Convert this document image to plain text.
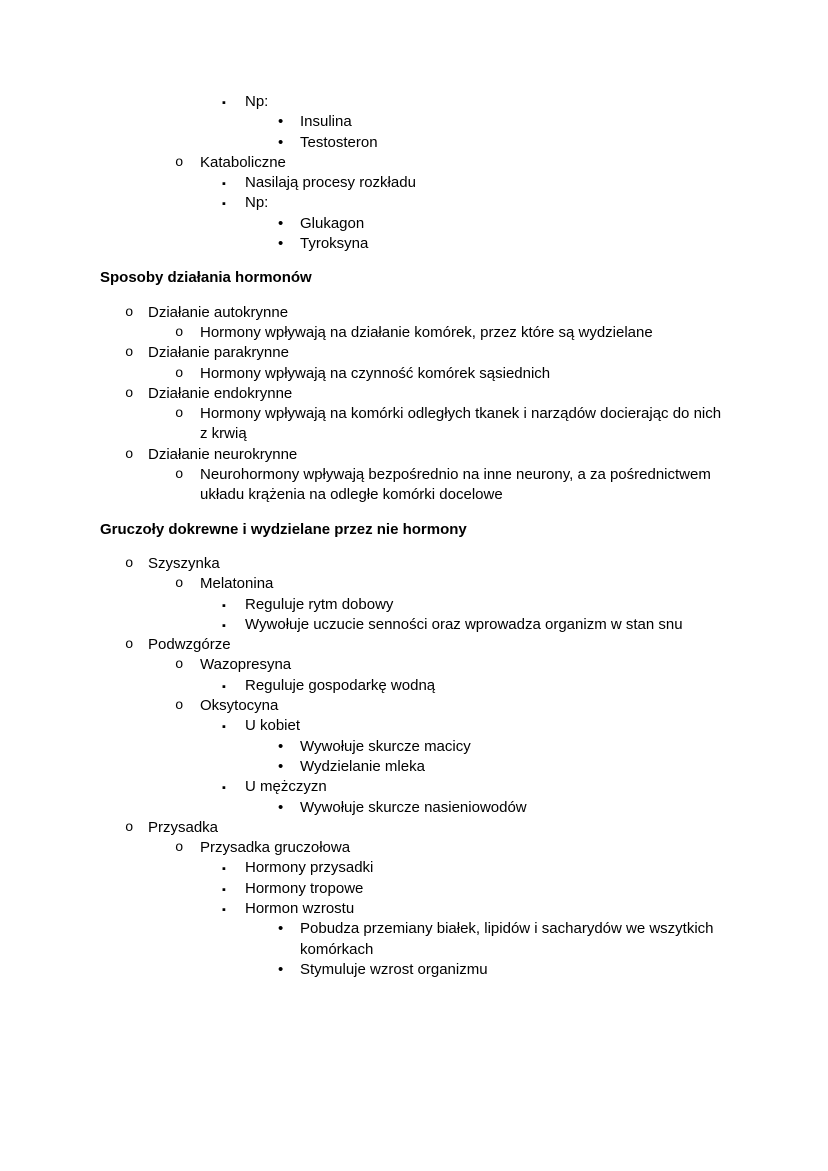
▪ Np:
• Insulina
• Testosteron
o Kataboliczne
▪ Nasilają procesy rozkładu
▪ Np:
• Glukagon
• Tyroksyna
Sposoby działania hormonów
o Działanie autokrynne
o Hormony wpływają na działanie komórek, przez które są wydzielane
o Działanie parakrynne
o Hormony wpływają na czynność komórek sąsiednich
o Działanie endokrynne
o Hormony wpływają na komórki odległych tkanek i narządów docierając do nich z krwią
o Działanie neurokrynne
o Neurohormony wpływają bezpośrednio na inne neurony, a za pośrednictwem układu krążenia na odległe komórki docelowe
Gruczoły dokrewne i wydzielane przez nie hormony
o Szyszynka
o Melatonina
▪ Reguluje rytm dobowy
▪ Wywołuje uczucie senności oraz wprowadza organizm w stan snu
o Podwzgórze
o Wazopresyna
▪ Reguluje gospodarkę wodną
o Oksytocyna
▪ U kobiet
• Wywołuje skurcze macicy
• Wydzielanie mleka
▪ U mężczyzn
• Wywołuje skurcze nasieniowodów
o Przysadka
o Przysadka gruczołowa
▪ Hormony przysadki
▪ Hormony tropowe
▪ Hormon wzrostu
• Pobudza przemiany białek, lipidów i sacharydów we wszytkich komórkach
• Stymuluje wzrost organizmu
